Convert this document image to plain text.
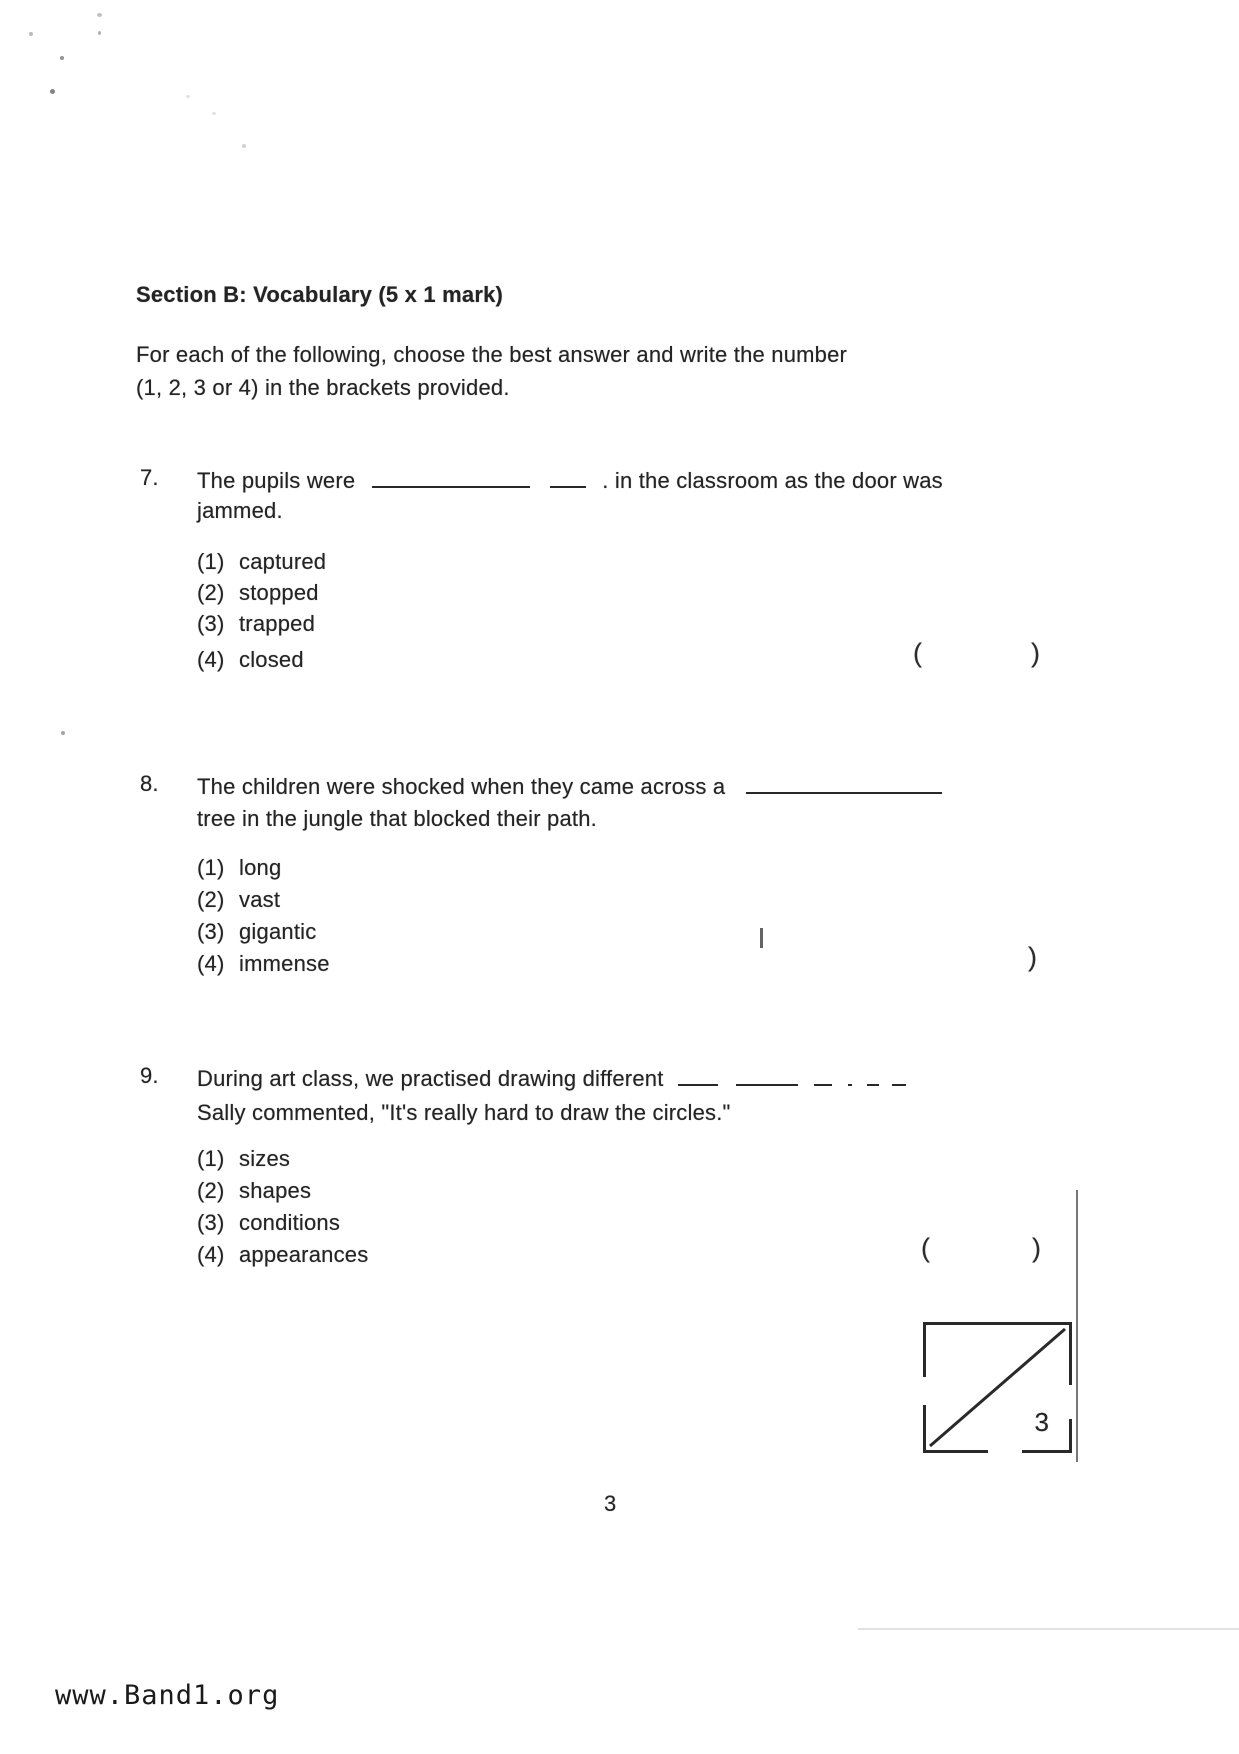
Section B: Vocabulary (5 x 1 mark)
For each of the following, choose the best answer and write the number
(1, 2, 3 or 4) in the brackets provided.
7. The pupils were	. in the classroom as the door was
jammed.
(1) captured
(2) stopped
(3) trapped
(4) closed	(	)
8. The children were shocked when they came across a
tree in the jungle that blocked their path.
(1) long
(2) vast
(3) gigantic
(4) immense	)
9. During art class, we practised drawing different
Sally commented, "It's really hard to draw the circles."
(1) sizes
(2) shapes
(3) conditions
(4) appearances	(	)
3
3
www.Band1.org
